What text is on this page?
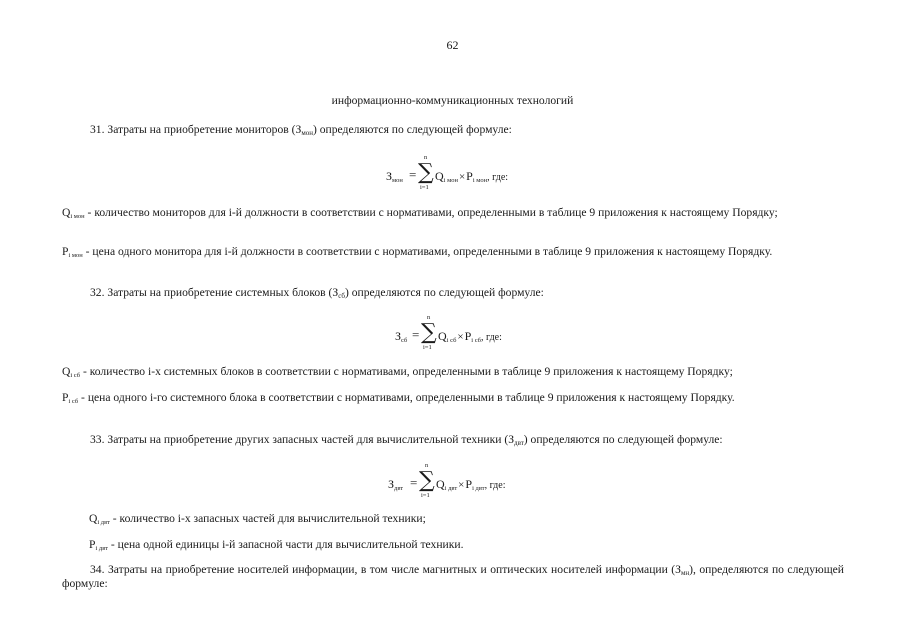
62
информационно-коммуникационных технологий
31. Затраты на приобретение мониторов $(З_{мон})$ определяются по следующей формуле:
Змон =
n
∑
i=1
Qi мон×Pi мон, где:
Qi мон - количество мониторов для i-й должности в соответствии с нормативами, определенными в таблице 9 приложения к настоящему Порядку;
Pi мон - цена одного монитора для i-й должности в соответствии с нормативами, определенными в таблице 9 приложения к настоящему Порядку.
32. Затраты на приобретение системных блоков $(З_{сб})$ определяются по следующей формуле:
Зсб =
n
∑
i=1
Qi сб×Pi сб, где:
Qi сб - количество i-х системных блоков в соответствии с нормативами, определенными в таблице 9 приложения к настоящему Порядку;
Pi сб - цена одного i-го системного блока в соответствии с нормативами, определенными в таблице 9 приложения к настоящему Порядку.
33. Затраты на приобретение других запасных частей для вычислительной техники $(З_{двт})$ определяются по следующей формуле:
Здвт =
n
∑
i=1
Qi двт×Pi двт, где:
Qi двт - количество i-х запасных частей для вычислительной техники;
Pi двт - цена одной единицы i-й запасной части для вычислительной техники.
34. Затраты на приобретение носителей информации, в том числе магнитных и оптических носителей информации $(З_{мн})$, определяются по следующей формуле:
